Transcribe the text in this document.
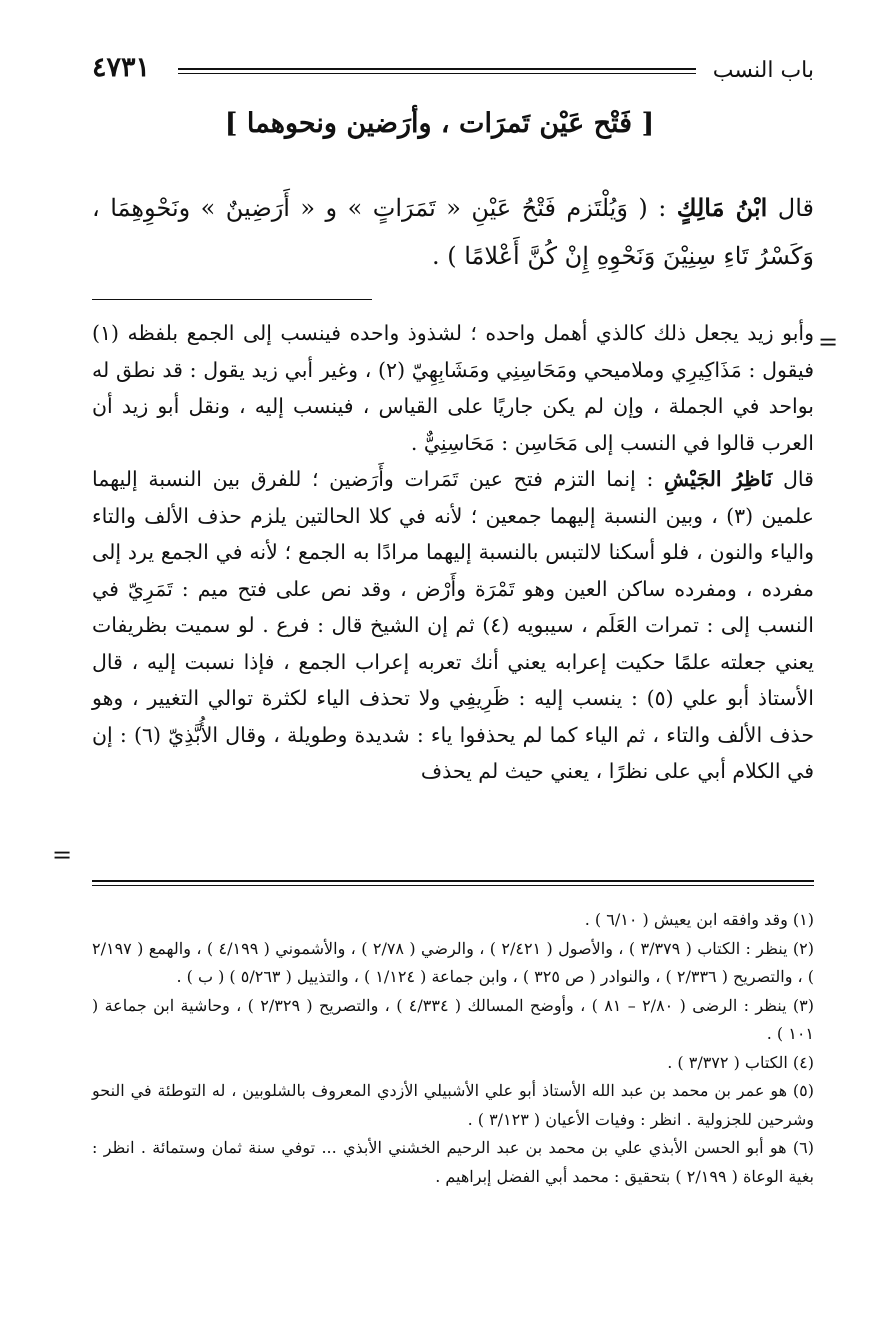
باب النسب
٤٧٣١
[ فَتْح عَيْن تَمرَات ، وأرَضين ونحوهما ]
قال ابْنُ مَالِكٍ : ( وَيُلْتَزم فَتْحُ عَيْنِ « تَمَرَاتٍ » و « أَرَضِينٌ » ونَحْوِهِمَا ، وَكَسْرُ تَاءِ سِنِيْنَ وَنَحْوِهِ إِنْ كُنَّ أَعْلامًا ) .
=

وأبو زيد يجعل ذلك كالذي أهمل واحده ؛ لشذوذ واحده فينسب إلى الجمع بلفظه (١) فيقول : مَذَاكِيرِي وملاميحي ومَحَاسِنِي ومَشَابِهِيّ (٢) ، وغير أبي زيد يقول : قد نطق له بواحد في الجملة ، وإن لم يكن جاريًا على القياس ، فينسب إليه ، ونقل أبو زيد أن العرب قالوا في النسب إلى مَحَاسِن : مَحَاسِنِيٌّ .

قال نَاظِرُ الجَيْشِ : إنما التزم فتح عين تَمَرات وأَرَضين ؛ للفرق بين النسبة إليهما علمين (٣) ، وبين النسبة إليهما جمعين ؛ لأنه في كلا الحالتين يلزم حذف الألف والتاء والياء والنون ، فلو أسكنا لالتبس بالنسبة إليهما مرادًا به الجمع ؛ لأنه في الجمع يرد إلى مفرده ، ومفرده ساكن العين وهو تَمْرَة وأَرْض ، وقد نص على فتح ميم : تَمَرِيّ في النسب إلى : تمرات العَلَم ، سيبويه (٤) ثم إن الشيخ قال : فرع . لو سميت بظريفات يعني جعلته علمًا حكيت إعرابه يعني أنك تعربه إعراب الجمع ، فإذا نسبت إليه ، قال الأستاذ أبو علي (٥) : ينسب إليه : ظَرِيفِي ولا تحذف الياء لكثرة توالي التغيير ، وهو حذف الألف والتاء ، ثم الياء كما لم يحذفوا ياء : شديدة وطويلة ، وقال الأُبَّذِيّ (٦) : إن في الكلام أبي على نظرًا ، يعني حيث لم يحذف

=

(١) وقد وافقه ابن يعيش ( ٦/١٠ ) .

(٢) ينظر : الكتاب ( ٣/٣٧٩ ) ، والأصول ( ٢/٤٢١ ) ، والرضي ( ٢/٧٨ ) ، والأشموني ( ٤/١٩٩ ) ، والهمع ( ٢/١٩٧ ) ، والتصريح ( ٢/٣٣٦ ) ، والنوادر ( ص ٣٢٥ ) ، وابن جماعة ( ١/١٢٤ ) ، والتذييل ( ٥/٢٦٣ ) ( ب ) .

(٣) ينظر : الرضى ( ٢/٨٠ – ٨١ ) ، وأوضح المسالك ( ٤/٣٣٤ ) ، والتصريح ( ٢/٣٢٩ ) ، وحاشية ابن جماعة ( ١٠١ ) .

(٤) الكتاب ( ٣/٣٧٢ ) .

(٥) هو عمر بن محمد بن عبد الله الأستاذ أبو علي الأشبيلي الأزدي المعروف بالشلوبين ، له التوطئة في النحو وشرحين للجزولية . انظر : وفيات الأعيان ( ٣/١٢٣ ) .

(٦) هو أبو الحسن الأبذي علي بن محمد بن عبد الرحيم الخشني الأبذي ... توفي سنة ثمان وستمائة . انظر : بغية الوعاة ( ٢/١٩٩ ) بتحقيق : محمد أبي الفضل إبراهيم .
